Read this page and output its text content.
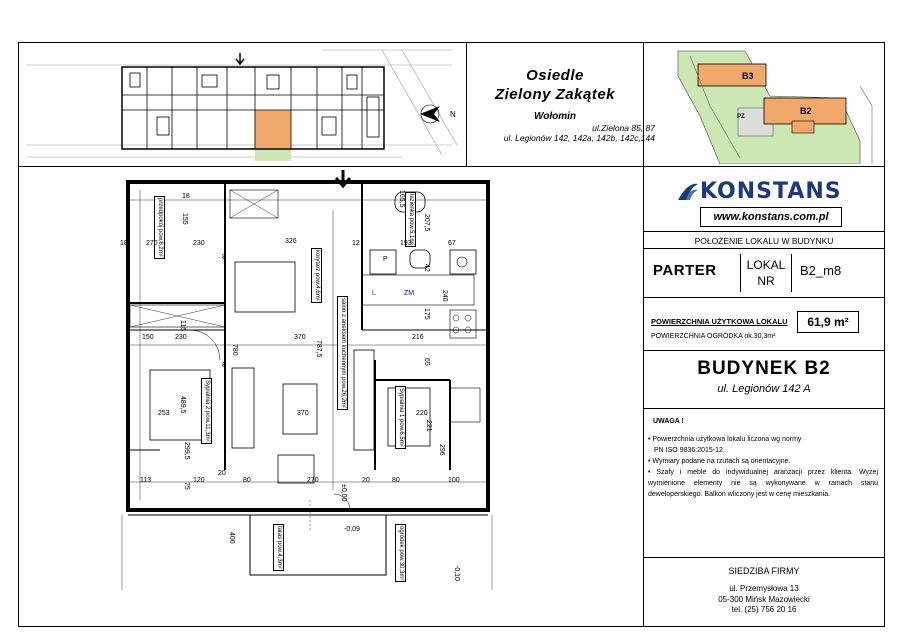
N
Osiedle
Zielony Zakątek
Wołomin
ul.Zielona 85, 87
ul. Legionów 142, 142a, 142b, 142c,144
B3
B2
PZ
KONSTANS
www.konstans.com.pl
POŁOŻENIE LOKALU W BUDYNKU
PARTER	LOKAL
NR
B2_m8
POWIERZCHNIA UŻYTKOWA LOKALU	61,9 m²
POWIERZCHNIA OGRÓDKA ok.30,3m²
BUDYNEK B2
ul. Legionów 142 A
UWAGA !
• Powierzchnia użytkowa lokalu liczona wg normy
PN ISO 9836:2015-12
• Wymiary podane na rzutach są orientacyjne.
• Szafy i meble do indywidualnej aranżacji przez klienta. Wyżej wymienione elementy nie są wykonywane w ramach stanu deweloperskiego. Balkon wliczony jest w cenę mieszkania.
SIEDZIBA FIRMY
ul. Przemysłowa 13
05-300 Mińsk Mazowiecki
tel. (25) 756 20 16
przedpokój pow.6,2m²
korytarz pow.4,6m²
łazienka pow.5,1m²
salon z aneksem kuchennym pow.26,2m²
Sypialnia 2 pow.11,3m²	Sypialnia 1 pow.6,5m²
taras pow.4,3m²	ogródek pow.30,3m²
P
L	ZM
±0,00
-0,09
-0,10
400
18
155
270	230	326	12	193	67
165,5
207,5
42
8
115
150	230	370	216
175
240
780	787,5
65
253 489,5	370	220
221
296
299,5
20
113	120	80	270	20	80	100
75
18
8
